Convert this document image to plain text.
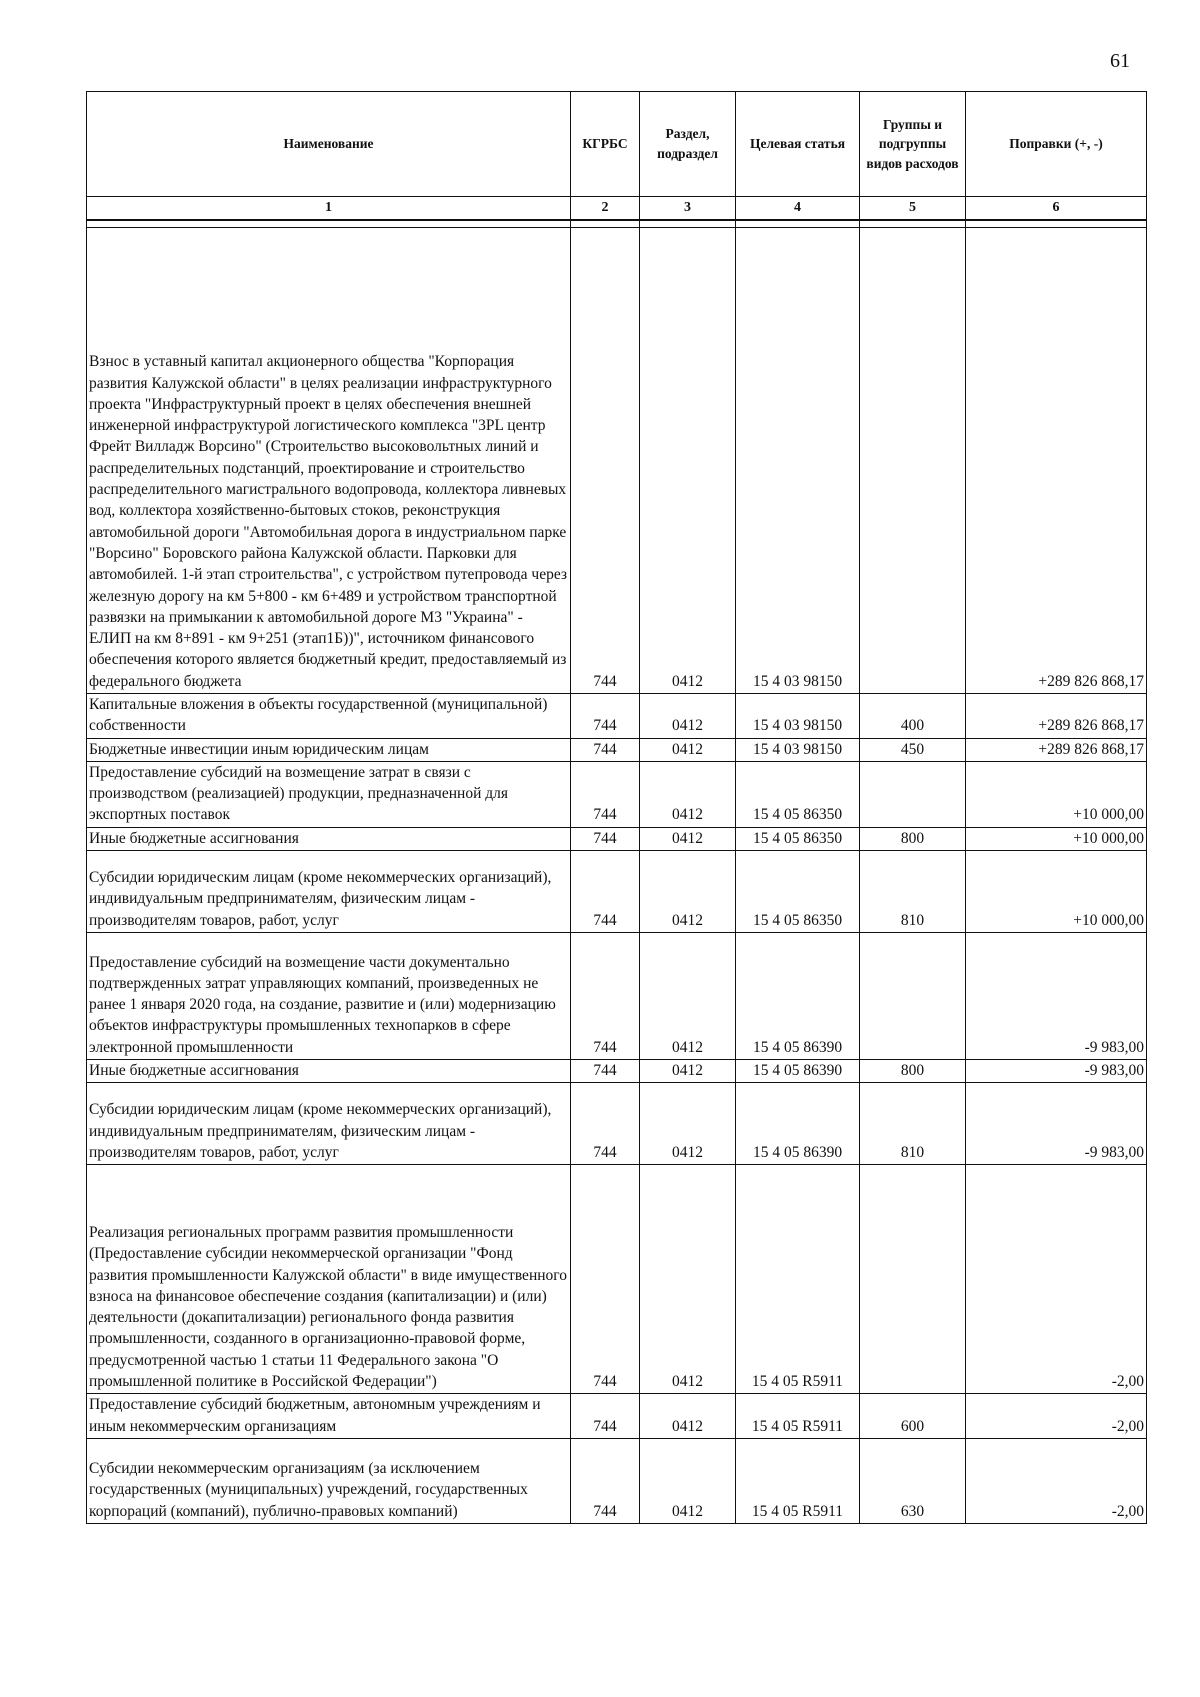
61
Наименование	КГРБС	Раздел, подраздел	Целевая статья	Группы и подгруппы видов расходов	Поправки (+, -)
1	2	3	4	5	6

Взнос в уставный капитал акционерного общества "Корпорация развития Калужской области" в целях реализации инфраструктурного проекта "Инфраструктурный проект в целях обеспечения внешней инженерной инфраструктурой логистического комплекса "3PL центр Фрейт Вилладж Ворсино" (Строительство высоковольтных линий и распределительных подстанций, проектирование и строительство распределительного магистрального водопровода, коллектора ливневых вод, коллектора хозяйственно-бытовых стоков, реконструкция автомобильной дороги "Автомобильная дорога в индустриальном парке "Ворсино" Боровского района Калужской области. Парковки для автомобилей. 1-й этап строительства", с устройством путепровода через железную дорогу на км 5+800 - км 6+489 и устройством транспортной развязки на примыкании к автомобильной дороге М3 "Украина" - ЕЛИП на км 8+891 - км 9+251 (этап1Б))", источником финансового обеспечения которого является бюджетный кредит, предоставляемый из федерального бюджета	744	0412	15 4 03 98150		+289 826 868,17
Капитальные вложения в объекты государственной (муниципальной) собственности	744	0412	15 4 03 98150	400	+289 826 868,17
Бюджетные инвестиции иным юридическим лицам	744	0412	15 4 03 98150	450	+289 826 868,17
Предоставление субсидий на возмещение затрат в связи с производством (реализацией) продукции, предназначенной для экспортных поставок	744	0412	15 4 05 86350		+10 000,00
Иные бюджетные ассигнования	744	0412	15 4 05 86350	800	+10 000,00
Субсидии юридическим лицам (кроме некоммерческих организаций), индивидуальным предпринимателям, физическим лицам - производителям товаров, работ, услуг	744	0412	15 4 05 86350	810	+10 000,00
Предоставление субсидий на возмещение части документально подтвержденных затрат управляющих компаний, произведенных не ранее 1 января 2020 года, на создание, развитие и (или) модернизацию объектов инфраструктуры промышленных технопарков в сфере электронной промышленности	744	0412	15 4 05 86390		-9 983,00
Иные бюджетные ассигнования	744	0412	15 4 05 86390	800	-9 983,00
Субсидии юридическим лицам (кроме некоммерческих организаций), индивидуальным предпринимателям, физическим лицам - производителям товаров, работ, услуг	744	0412	15 4 05 86390	810	-9 983,00
Реализация региональных программ развития промышленности (Предоставление субсидии некоммерческой организации "Фонд развития промышленности Калужской области" в виде имущественного взноса на финансовое обеспечение создания (капитализации) и (или) деятельности (докапитализации) регионального фонда развития промышленности, созданного в организационно-правовой форме, предусмотренной частью 1 статьи 11 Федерального закона "О промышленной политике в Российской Федерации")	744	0412	15 4 05 R5911		-2,00
Предоставление субсидий бюджетным, автономным учреждениям и иным некоммерческим организациям	744	0412	15 4 05 R5911	600	-2,00
Субсидии некоммерческим организациям (за исключением государственных (муниципальных) учреждений, государственных корпораций (компаний), публично-правовых компаний)	744	0412	15 4 05 R5911	630	-2,00
